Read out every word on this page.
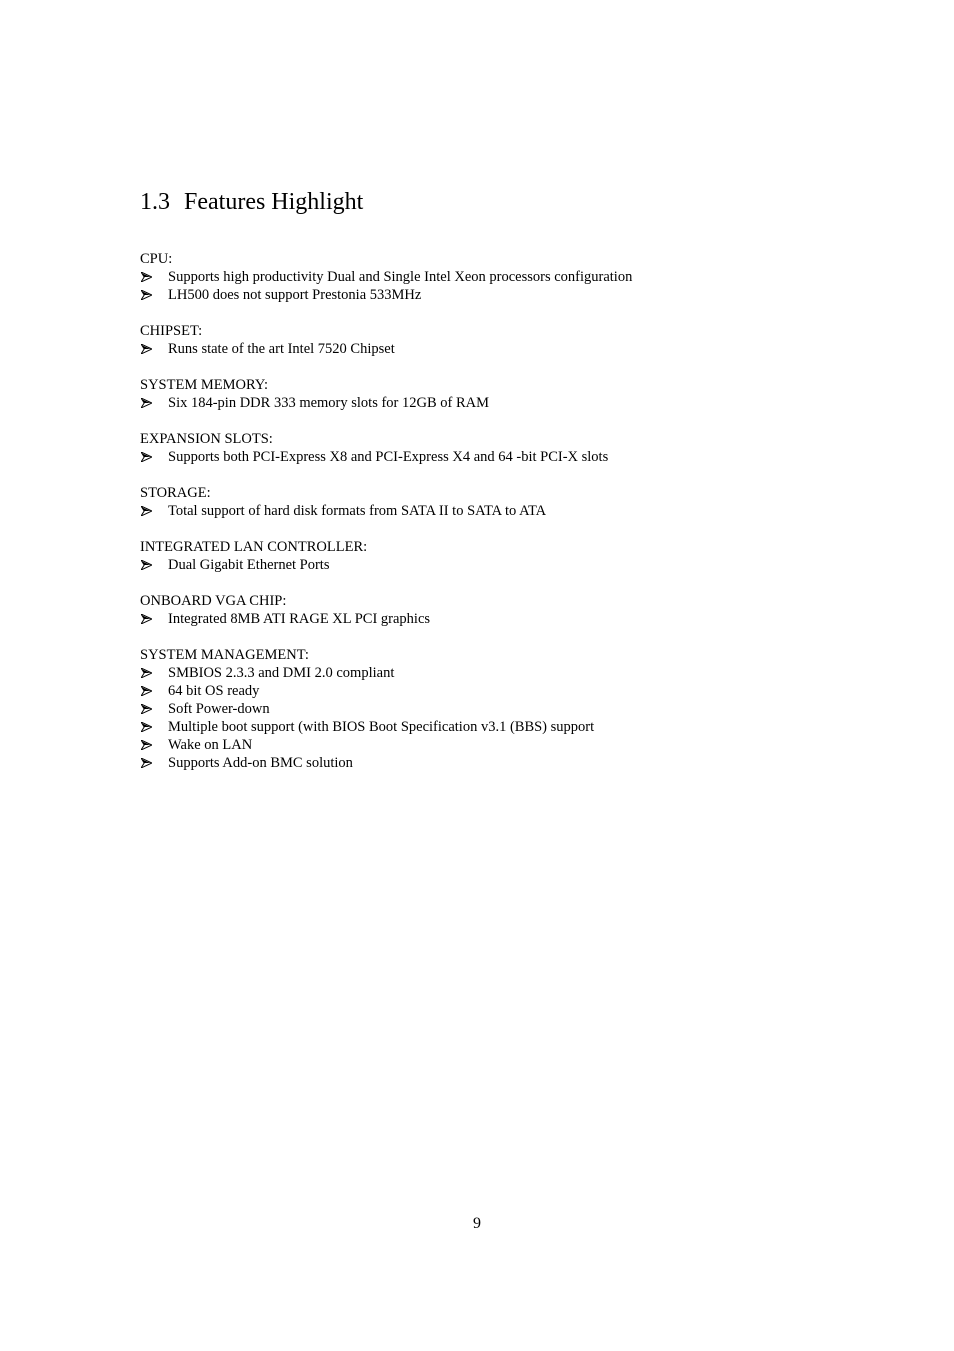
1.3 Features Highlight
CPU:
Supports high productivity Dual and Single Intel Xeon processors configuration
LH500 does not support Prestonia 533MHz
CHIPSET:
Runs state of the art Intel 7520 Chipset
SYSTEM MEMORY:
Six 184-pin DDR 333 memory slots for 12GB of RAM
EXPANSION SLOTS:
Supports both PCI-Express X8 and PCI-Express X4 and 64 -bit PCI-X slots
STORAGE:
Total support of hard disk formats from SATA II to SATA to ATA
INTEGRATED LAN CONTROLLER:
Dual Gigabit Ethernet Ports
ONBOARD VGA CHIP:
Integrated 8MB ATI RAGE XL PCI graphics
SYSTEM MANAGEMENT:
SMBIOS 2.3.3 and DMI 2.0 compliant
64 bit OS ready
Soft Power-down
Multiple boot support (with BIOS Boot Specification v3.1 (BBS) support
Wake on LAN
Supports Add-on BMC solution
9
